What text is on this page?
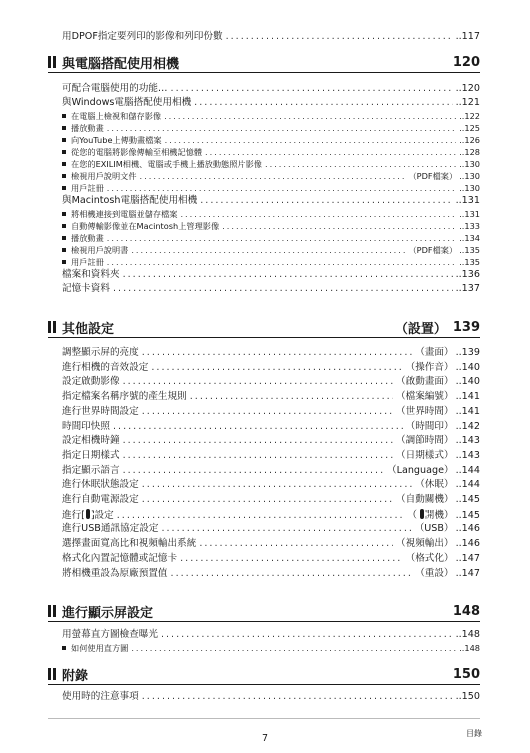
用DPOF指定要列印的影像和列印份數 .....	..117
與電腦搭配使用相機	120
可配合電腦使用的功能… .....	..120
與Windows電腦搭配使用相機 .....	..121
在電腦上檢視和儲存影像 .....	..122
播放動畫 .....	..125
向YouTube上傳動畫檔案 .....	..126
從您的電腦將影像傳輸至相機記憶體 .....	..128
在您的EXILIM相機、電腦或手機上播放動態照片影像 .....	..130
檢視用戶說明文件 .....	（PDF檔案） ..130
用戶註冊 .....	..130
與Macintosh電腦搭配使用相機 .....	..131
將相機連接到電腦並儲存檔案 .....	..131
自動傳輸影像並在Macintosh上管理影像 .....	..133
播放動畫 .....	..134
檢視用戶說明書 .....	（PDF檔案） ..135
用戶註冊 .....	..135
檔案和資料夾 .....	..136
記憶卡資料 .....	..137
其他設定	（設置） 139
調整顯示屏的亮度 .....	（畫面） ..139
進行相機的音效設定 .....	（操作音） ..140
設定啟動影像 .....	（啟動畫面） ..140
指定檔案名稱序號的產生規則 .....	（檔案編號） ..141
進行世界時間設定 .....	（世界時間） ..141
時間印快照 .....	（時間印） ..142
設定相機時鐘 .....	（調節時間） ..143
指定日期樣式 .....	（日期樣式） ..143
指定顯示語言 .....	（Language） ..144
進行休眠狀態設定 .....	（休眠） ..144
進行自動電源設定 .....	（自動關機） ..145
進行[ ]設定 .....	（ 開機） ..145
進行USB通訊協定設定 .....	（USB） ..146
選擇畫面寬高比和視頻輸出系統 .....	（視頻輸出） ..146
格式化內置記憶體或記憶卡 .....	（格式化） ..147
將相機重設為原廠預置值 .....	（重設） ..147
進行顯示屏設定	148
用螢幕直方圖檢查曝光 .....	..148
如何使用直方圖 .....	..148
附錄	150
使用時的注意事項 .....	..150
7	目錄
